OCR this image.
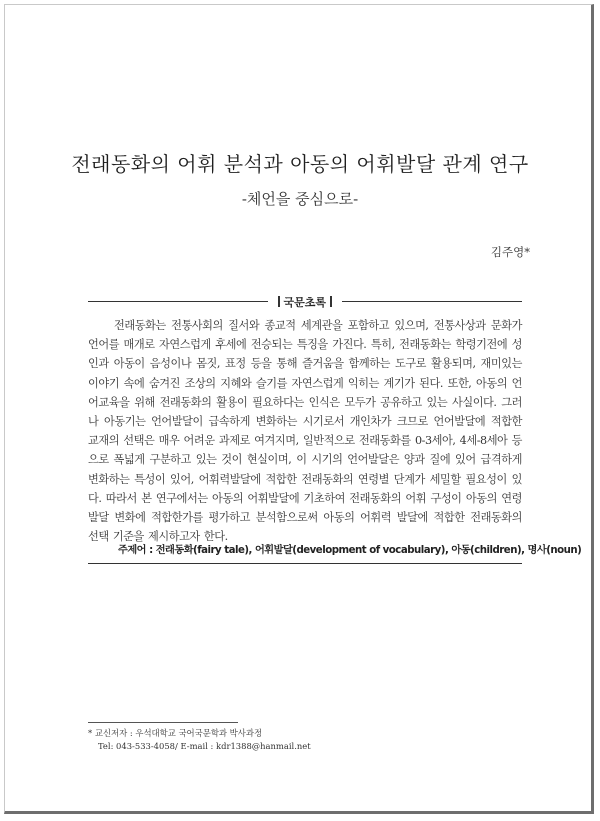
전래동화의 어휘 분석과 아동의 어휘발달 관계 연구
-체언을 중심으로-
김주영*
국문초록

전래동화는 전통사회의 질서와 종교적 세계관을 포함하고 있으며, 전통사상과 문화가 언어를 매개로 자연스럽게 후세에 전승되는 특징을 가진다. 특히, 전래동화는 학령기전에 성인과 아동이 음성이나 몸짓, 표정 등을 통해 즐거움을 함께하는 도구로 활용되며, 재미있는 이야기 속에 숨겨진 조상의 지혜와 슬기를 자연스럽게 익히는 계기가 된다. 또한, 아동의 언어교육을 위해 전래동화의 활용이 필요하다는 인식은 모두가 공유하고 있는 사실이다. 그러나 아동기는 언어발달이 급속하게 변화하는 시기로서 개인차가 크므로 언어발달에 적합한 교재의 선택은 매우 어려운 과제로 여겨지며, 일반적으로 전래동화를 0-3세아, 4세-8세아 등으로 폭넓게 구분하고 있는 것이 현실이며, 이 시기의 언어발달은 양과 질에 있어 급격하게 변화하는 특성이 있어, 어휘력발달에 적합한 전래동화의 연령별 단계가 세밀할 필요성이 있다. 따라서 본 연구에서는 아동의 어휘발달에 기초하여 전래동화의 어휘 구성이 아동의 연령 발달 변화에 적합한가를 평가하고 분석함으로써 아동의 어휘력 발달에 적합한 전래동화의 선택 기준을 제시하고자 한다.

주제어 : 전래동화(fairy tale), 어휘발달(development of vocabulary), 아동(children), 명사(noun)
* 교신저자 : 우석대학교 국어국문학과 박사과정
Tel: 043-533-4058/ E-mail : kdr1388@hanmail.net
